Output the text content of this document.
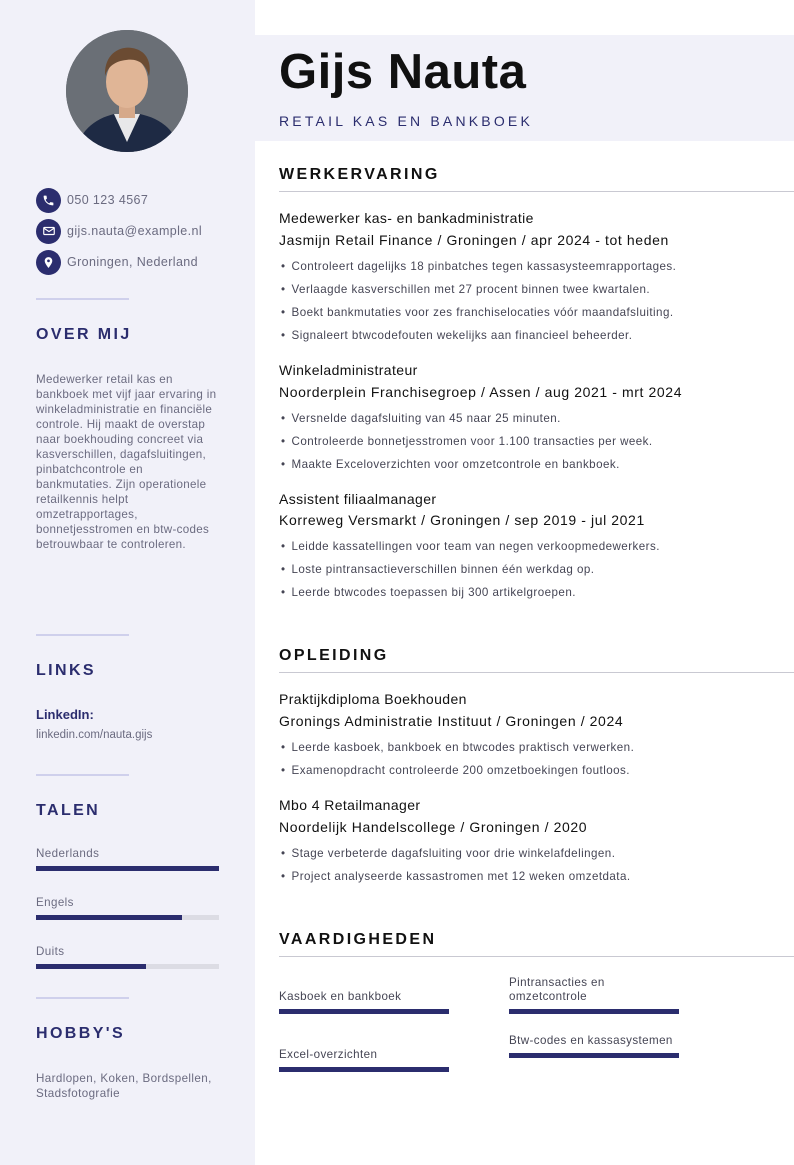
050 123 4567
gijs.nauta@example.nl
Groningen, Nederland
OVER MIJ
Medewerker retail kas en bankboek met vijf jaar ervaring in winkeladministratie en financiële controle. Hij maakt de overstap naar boekhouding concreet via kasverschillen, dagafsluitingen, pinbatchcontrole en bankmutaties. Zijn operationele retailkennis helpt omzetrapportages, bonnetjesstromen en btw-codes betrouwbaar te controleren.
LINKS
LinkedIn:
linkedin.com/nauta.gijs
TALEN
Nederlands
Engels
Duits
HOBBY'S
Hardlopen, Koken, Bordspellen, Stadsfotografie
Gijs Nauta
RETAIL KAS EN BANKBOEK
WERKERVARING
Medewerker kas- en bankadministratie
Jasmijn Retail Finance / Groningen / apr 2024 - tot heden
• Controleert dagelijks 18 pinbatches tegen kassasysteemrapportages.
• Verlaagde kasverschillen met 27 procent binnen twee kwartalen.
• Boekt bankmutaties voor zes franchiselocaties vóór maandafsluiting.
• Signaleert btwcodefouten wekelijks aan financieel beheerder.
Winkeladministrateur
Noorderplein Franchisegroep / Assen / aug 2021 - mrt 2024
• Versnelde dagafsluiting van 45 naar 25 minuten.
• Controleerde bonnetjesstromen voor 1.100 transacties per week.
• Maakte Exceloverzichten voor omzetcontrole en bankboek.
Assistent filiaalmanager
Korreweg Versmarkt / Groningen / sep 2019 - jul 2021
• Leidde kassatellingen voor team van negen verkoopmedewerkers.
• Loste pintransactieverschillen binnen één werkdag op.
• Leerde btwcodes toepassen bij 300 artikelgroepen.
OPLEIDING
Praktijkdiploma Boekhouden
Gronings Administratie Instituut / Groningen / 2024
• Leerde kasboek, bankboek en btwcodes praktisch verwerken.
• Examenopdracht controleerde 200 omzetboekingen foutloos.
Mbo 4 Retailmanager
Noordelijk Handelscollege / Groningen / 2020
• Stage verbeterde dagafsluiting voor drie winkelafdelingen.
• Project analyseerde kassastromen met 12 weken omzetdata.
VAARDIGHEDEN
Kasboek en bankboek
Pintransacties en omzetcontrole
Excel-overzichten
Btw-codes en kassasystemen
